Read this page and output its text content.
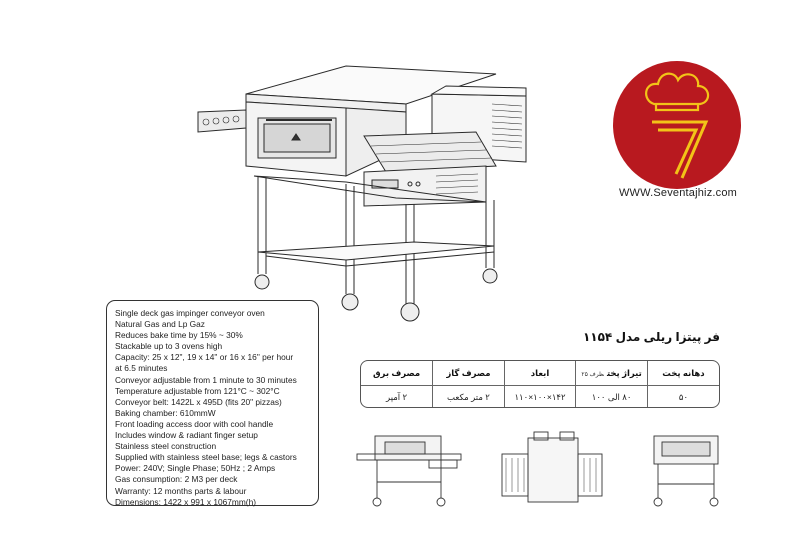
WWW.Seventajhiz.com
Single deck gas impinger conveyor oven
Natural Gas and Lp Gaz
Reduces bake time by 15% ~ 30%
Stackable up to 3 ovens high
Capacity: 25 x 12", 19 x 14" or 16 x 16" per hour
at 6.5 minutes
Conveyor adjustable from 1 minute to 30 minutes
Temperature adjustable from 121°C ~ 302°C
Conveyor belt: 1422L x 495D (fits 20" pizzas)
Baking chamber: 610mmW
Front loading access door with cool handle
Includes window & radiant finger setup
Stainless steel construction
Supplied with stainless steel base; legs & castors
Power: 240V; Single Phase; 50Hz ; 2 Amps
Gas consumption: 2 M3 per deck
Warranty: 12 months parts & labour
Dimensions: 1422 x 991 x 1067mm(h)
فر پیتزا ریلی مدل ۱۱۵۴
دهانه پخت	تیراژ پختظرف ۲۵	ابعاد	مصرف گاز	مصرف برق
۵۰	۸۰ الی ۱۰۰	۱۴۲×۱۰۰×۱۱۰	۲ متر مکعب	۲ آمپر
